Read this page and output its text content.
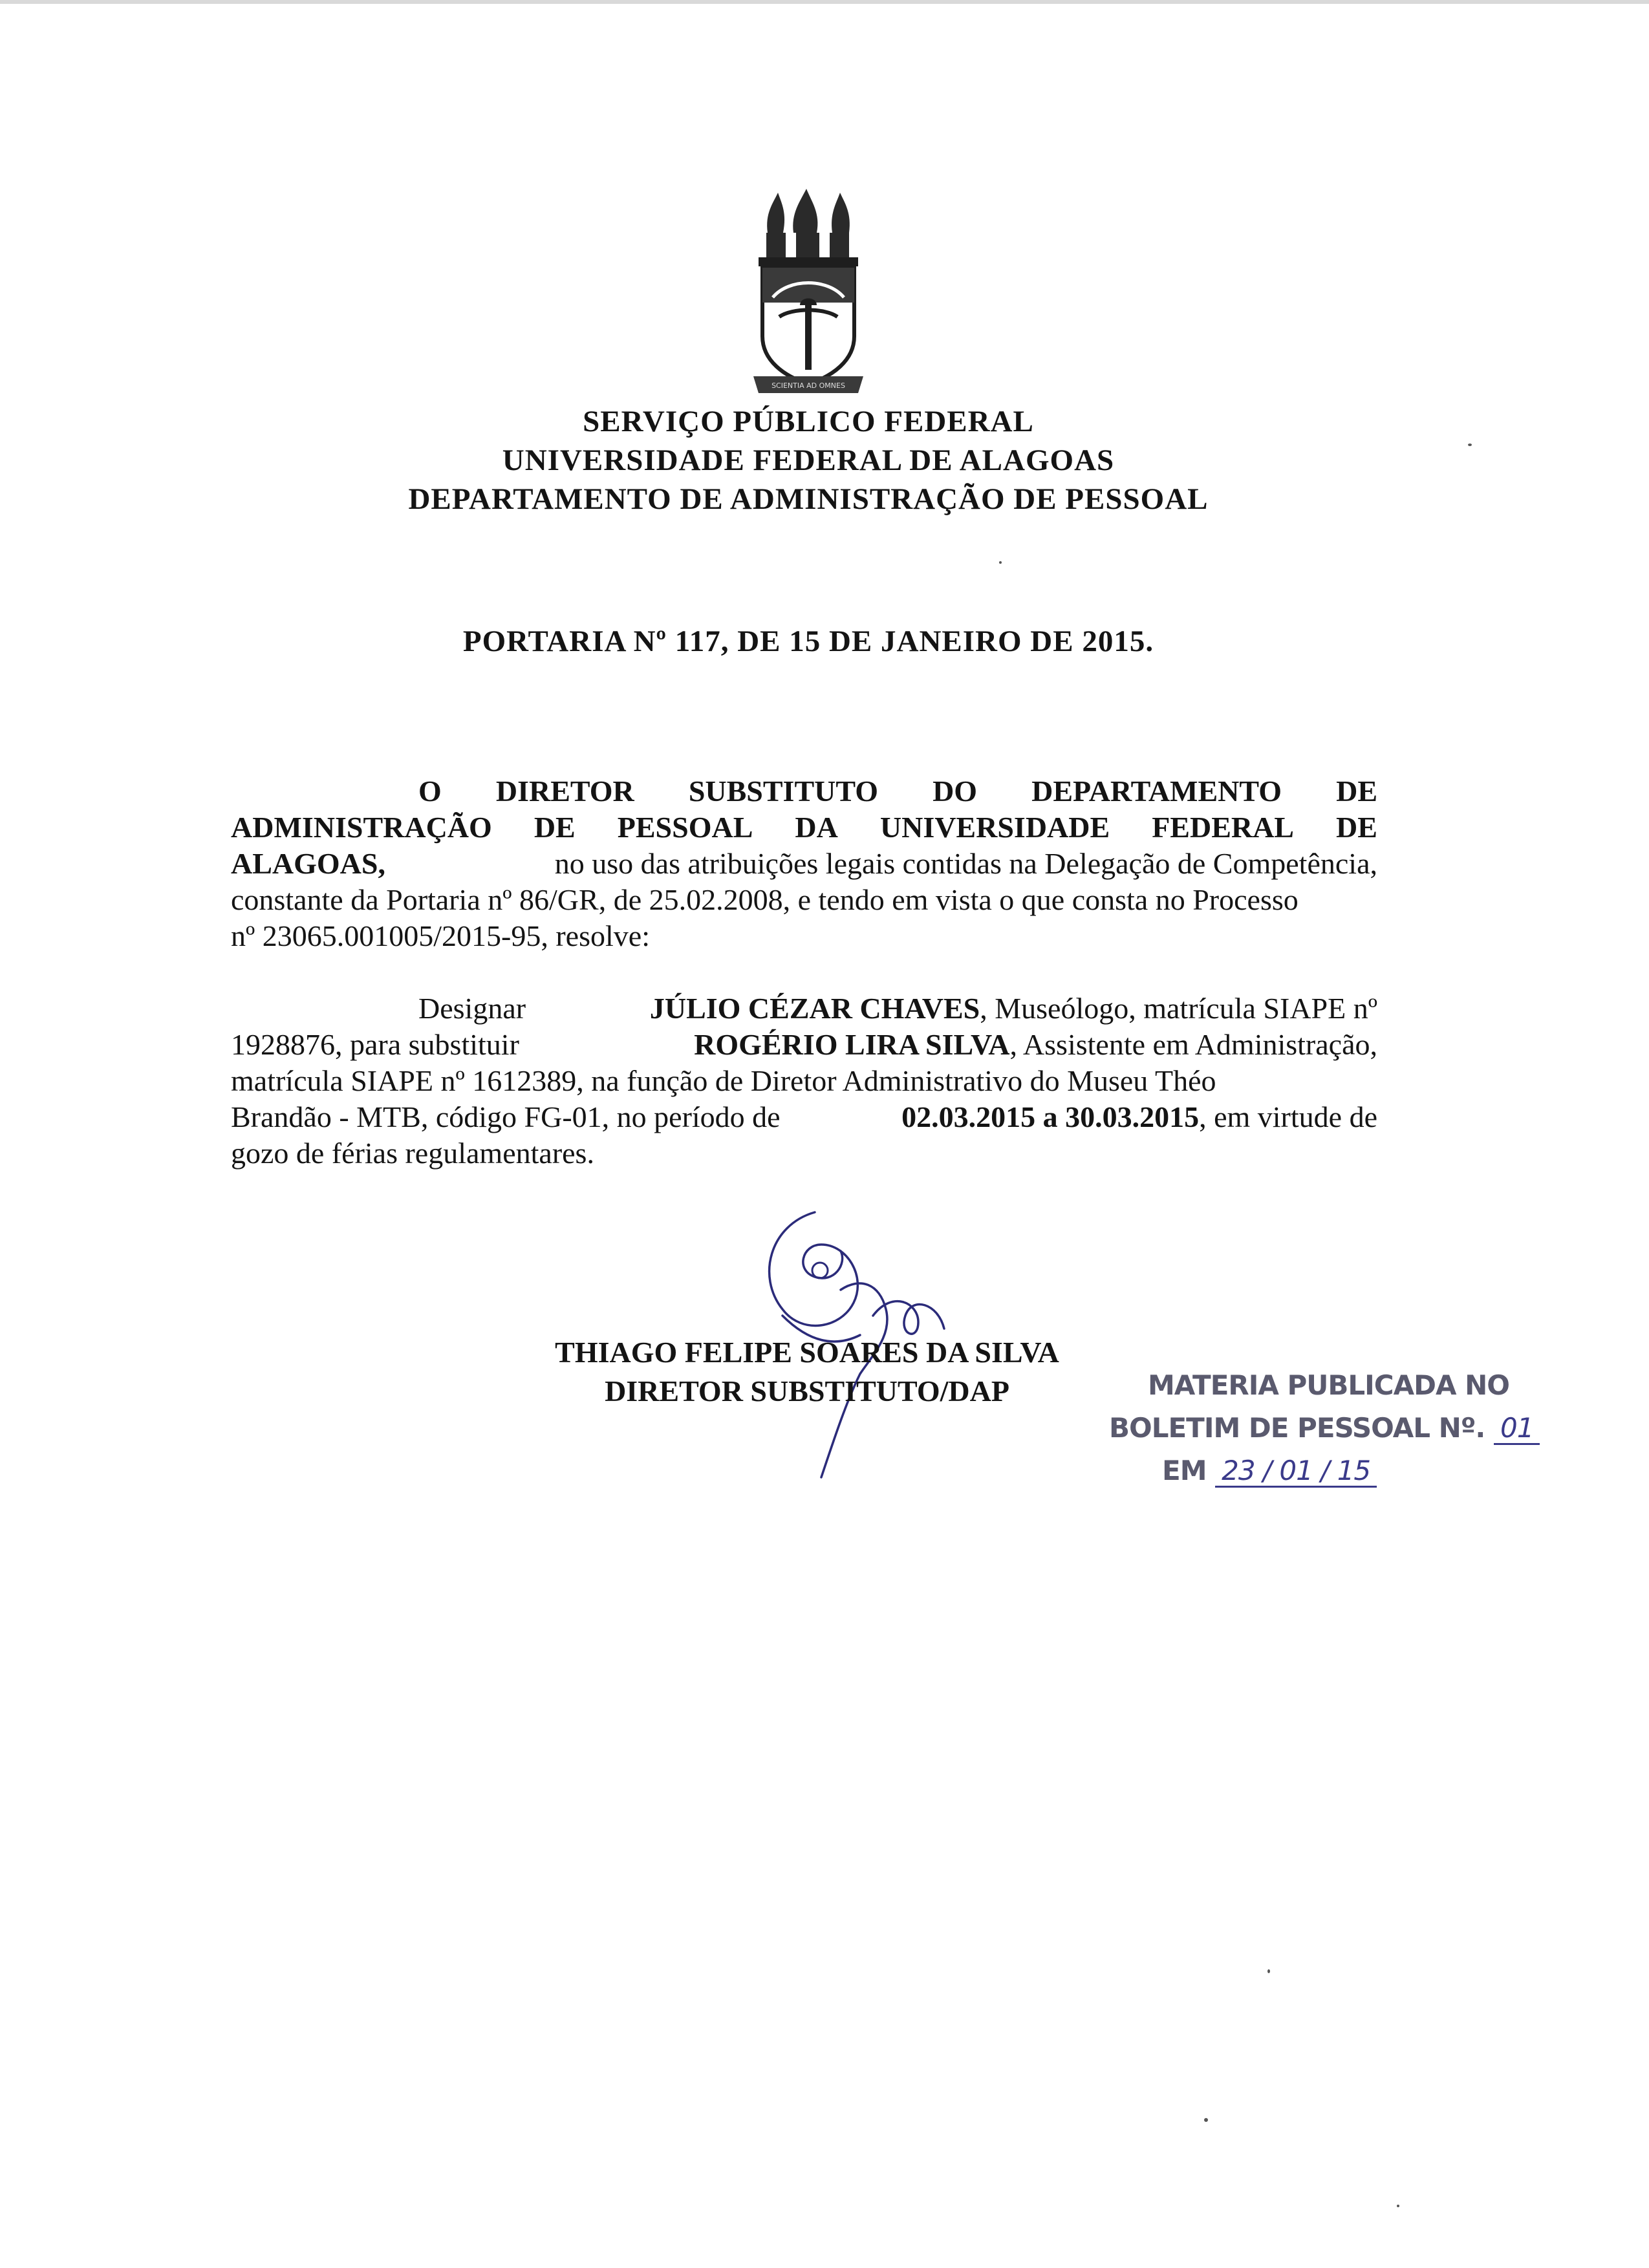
SCIENTIA AD OMNES
SERVIÇO PÚBLICO FEDERAL
UNIVERSIDADE FEDERAL DE ALAGOAS
DEPARTAMENTO DE ADMINISTRAÇÃO DE PESSOAL
PORTARIA Nº 117, DE 15 DE JANEIRO DE 2015.
O DIRETOR SUBSTITUTO DO DEPARTAMENTO DE
ADMINISTRAÇÃO DE PESSOAL DA UNIVERSIDADE FEDERAL DE
ALAGOAS,	no uso das atribuições legais contidas na Delegação de Competência,
constante da Portaria nº 86/GR, de 25.02.2008, e tendo em vista o que consta no Processo
nº 23065.001005/2015-95, resolve:
Designar	JÚLIO CÉZAR CHAVES, Museólogo, matrícula SIAPE nº
1928876, para substituir	ROGÉRIO LIRA SILVA, Assistente em Administração,
matrícula SIAPE nº 1612389, na função de Diretor Administrativo do Museu Théo
Brandão - MTB, código FG-01, no período de	02.03.2015 a 30.03.2015, em virtude de
gozo de férias regulamentares.
THIAGO FELIPE SOARES DA SILVA
DIRETOR SUBSTITUTO/DAP	MATERIA PUBLICADA NO
BOLETIM DE PESSOAL Nº. 01
EM 23 / 01 / 15
